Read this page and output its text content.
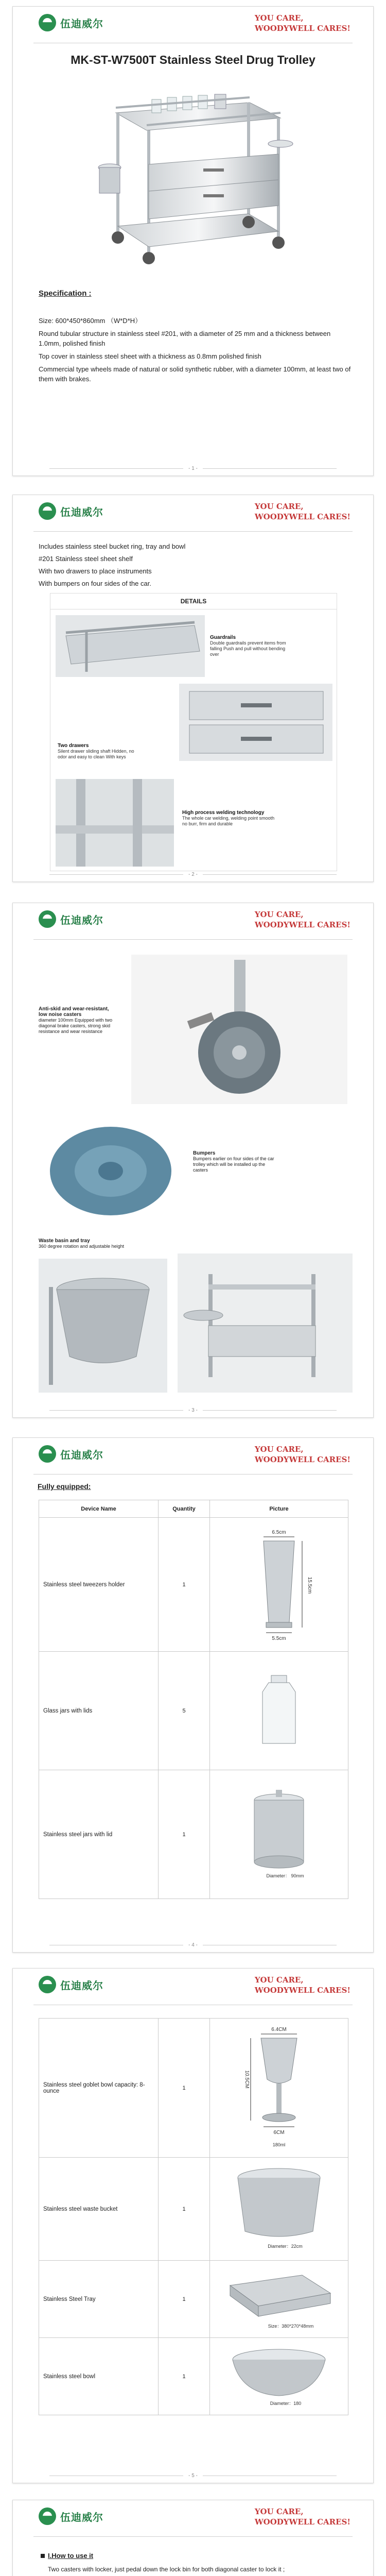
伍迪威尔
YOU CARE,
WOODYWELL CARES!
MK-ST-W7500T Stainless Steel Drug Trolley
Specification :

Size: 600*450*860mm （W*D*H）

Round tubular structure in stainless steel #201, with a diameter of 25 mm and a thickness between 1.0mm, polished finish

Top cover in stainless steel sheet with a thickness as 0.8mm polished finish

Commercial type wheels made of natural or solid synthetic rubber, with a diameter 100mm, at least two of them with brakes.

- 1 -
伍迪威尔
YOU CARE,
WOODYWELL CARES!
Includes stainless steel bucket ring, tray and bowl
#201 Stainless steel sheet shelf
With two drawers to place instruments
With bumpers on four sides of the car.
DETAILS
Guardrails
Double guardrails prevent items from falling Push and pull without bending over
Two drawers
Silent drawer sliding shaft Hidden, no odor and easy to clean With keys
High process welding technology
The whole car welding, welding point smooth no burr, firm and durable
- 2 -
伍迪威尔
YOU CARE,
WOODYWELL CARES!
Anti-skid and wear-resistant, low noise casters
diameter 100mm Equipped with two diagonal brake casters, strong skid resistance and wear resistance
Bumpers
Bumpers earlier on four sides of the car trolley which will be installed up the casters
Waste basin and tray
360 degree rotation and adjustable height
- 3 -
伍迪威尔
YOU CARE,
WOODYWELL CARES!
Fully equipped:
Device Name	Quantity	Picture
Stainless steel tweezers holder	1	6.5cm
15.5cm
5.5cm

Glass jars with lids	5	
Stainless steel jars with lid	1	Diameter： 90mm
- 4 -
伍迪威尔
YOU CARE,
WOODYWELL CARES!
Stainless steel goblet bowl capacity: 8-ounce	1	6.4CM
10.5CM
6CM
180ml

Stainless steel waste bucket	1	Diameter：22cm

Stainless Steel Tray	1	Size：380*270*48mm

Stainless steel bowl	1	Diameter：180
- 5 -
伍迪威尔
YOU CARE,
WOODYWELL CARES!
I.How to use it

Two casters with locker, just pedal down the lock bin for both diagonal caster to lock it ;
